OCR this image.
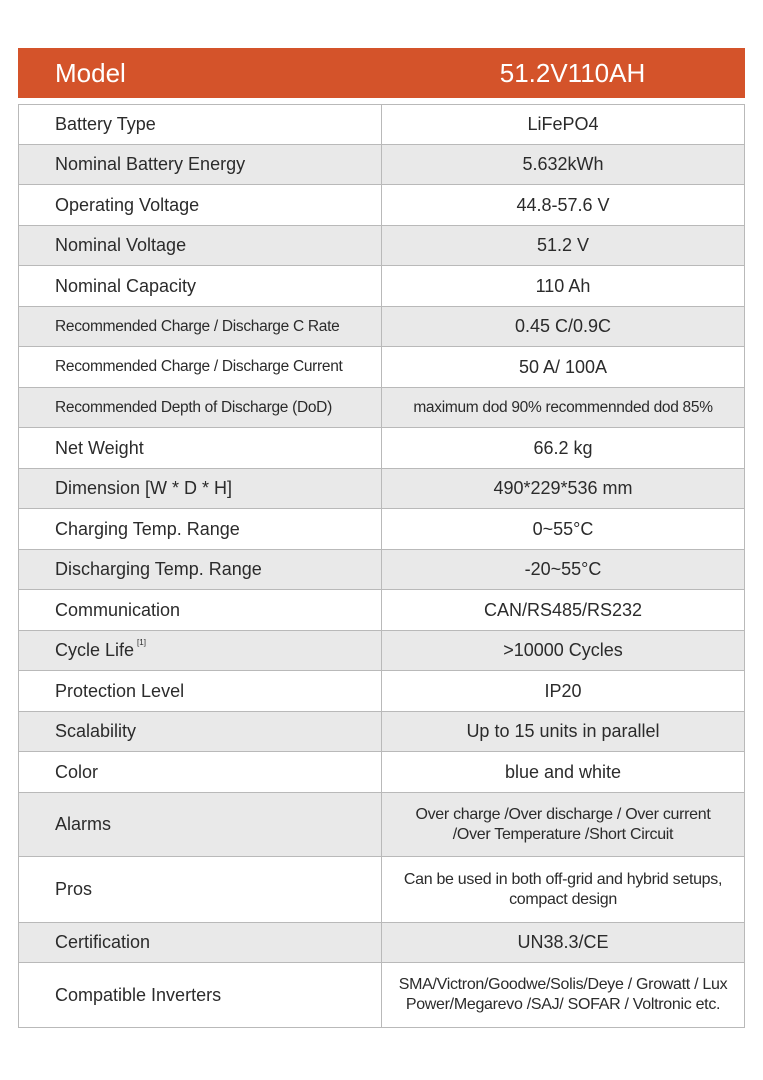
Model	51.2V110AH
Battery Type	LiFePO4
Nominal Battery Energy	5.632kWh
Operating Voltage	44.8-57.6 V
Nominal Voltage	51.2 V
Nominal Capacity	110 Ah
Recommended Charge / Discharge C Rate	0.45 C/0.9C
Recommended Charge / Discharge Current	50 A/ 100A
Recommended Depth of Discharge (DoD)	maximum dod 90% recommennded dod 85%
Net Weight	66.2 kg
Dimension [W * D * H]	490*229*536 mm
Charging Temp. Range	0~55°C
Discharging Temp. Range	-20~55°C
Communication	CAN/RS485/RS232
Cycle Life [1]	>10000 Cycles
Protection Level	IP20
Scalability	Up to 15 units in parallel
Color	blue and white
Alarms	Over charge /Over discharge / Over current
/Over Temperature /Short Circuit

Pros	Can be used in both off-grid and hybrid setups,
compact design

Certification	UN38.3/CE
Compatible Inverters	SMA/Victron/Goodwe/Solis/Deye / Growatt / Lux
Power/Megarevo /SAJ/ SOFAR / Voltronic etc.
